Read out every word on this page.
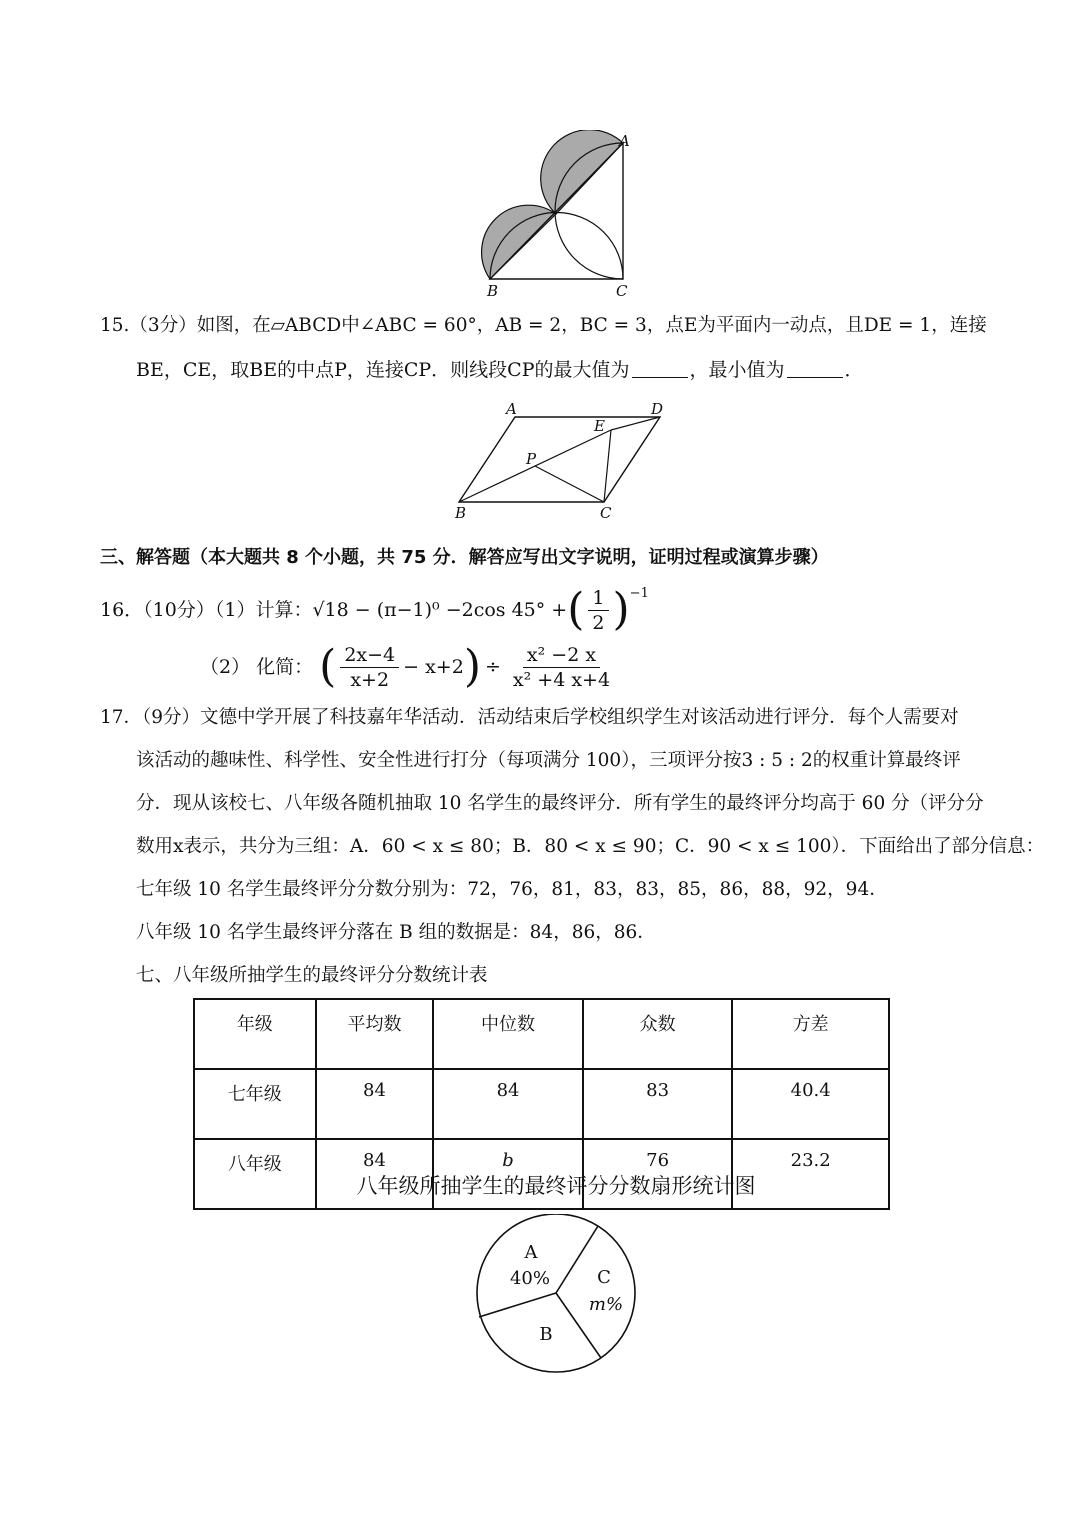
A
B	C
15.（3分）如图，在▱ABCD中∠ABC = 60°，AB = 2，BC = 3，点E为平面内一动点，且DE = 1，连接
BE，CE，取BE的中点P，连接CP．则线段CP的最大值为	，最小值为	．
A	D
E
P
B	C
三、解答题（本大题共 8 个小题，共 75 分．解答应写出文字说明，证明过程或演算步骤）
16．（10分）（1）计算： √18 − (π−1)⁰ −2cos 45° + ( $\frac{1}{2}$ ) −1
（2） 化简： ( $\frac{2x-4}{x+2} - x+2$ ) ÷ $\frac{\text{x² −2 x}}{\text{x² +4 x+4}}$
17．（9分）文德中学开展了科技嘉年华活动．活动结束后学校组织学生对该活动进行评分．每个人需要对
该活动的趣味性、科学性、安全性进行打分（每项满分 100），三项评分按3 : 5 : 2的权重计算最终评
分．现从该校七、八年级各随机抽取 10 名学生的最终评分．所有学生的最终评分均高于 60 分（评分分
数用x表示，共分为三组：A．60 < x ≤ 80；B．80 < x ≤ 90；C．90 < x ≤ 100）．下面给出了部分信息：
七年级 10 名学生最终评分分数分别为：72，76，81，83，83，85，86，88，92，94．
八年级 10 名学生最终评分落在 B 组的数据是：84，86，86．
七、八年级所抽学生的最终评分分数统计表
年级	平均数	中位数	众数	方差
七年级	84	84	83	40.4
八年级	84	b	76	23.2
八年级所抽学生的最终评分分数扇形统计图
A
40%	C
m%
B
